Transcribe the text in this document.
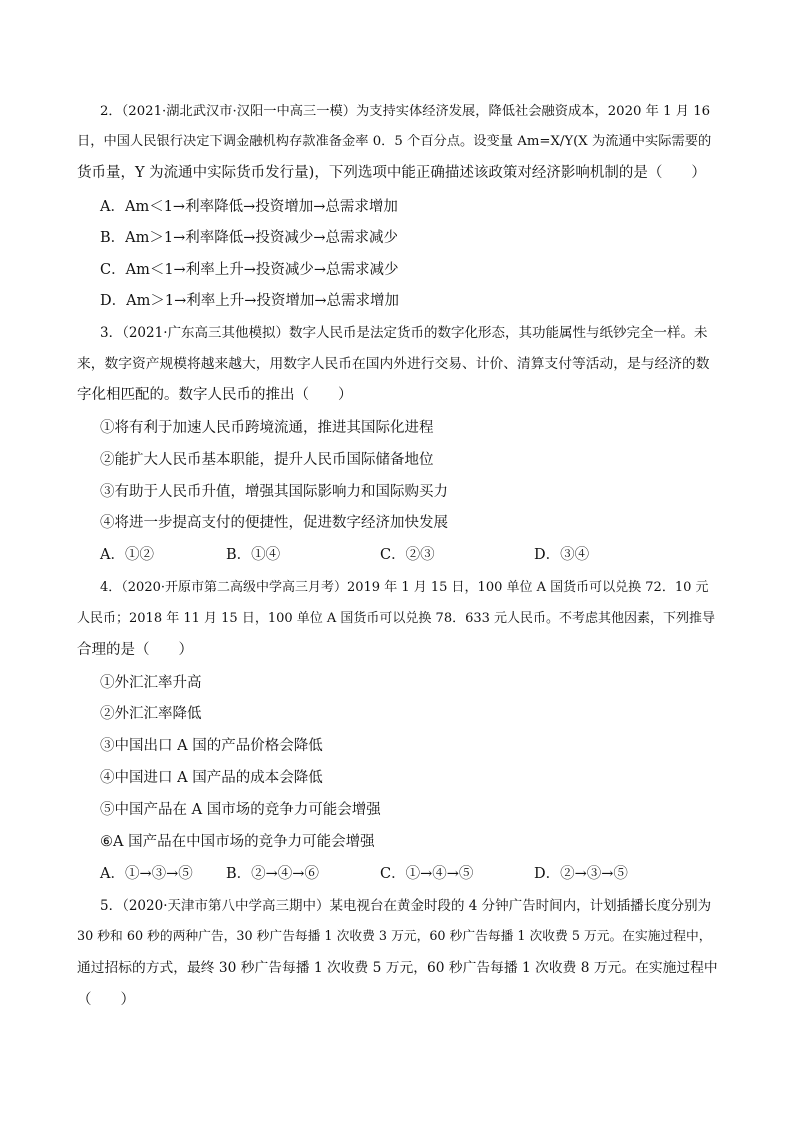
2．（2021·湖北武汉市·汉阳一中高三一模）为支持实体经济发展，降低社会融资成本，2020 年 1 月 16
日，中国人民银行决定下调金融机构存款准备金率 0．5 个百分点。设变量 Am=X/Y(X 为流通中实际需要的
货币量，Y 为流通中实际货币发行量)，下列选项中能正确描述该政策对经济影响机制的是（　　）
A．Am＜1→利率降低→投资增加→总需求增加
B．Am＞1→利率降低→投资减少→总需求减少
C．Am＜1→利率上升→投资减少→总需求减少
D．Am＞1→利率上升→投资增加→总需求增加
3．（2021·广东高三其他模拟）数字人民币是法定货币的数字化形态，其功能属性与纸钞完全一样。未
来，数字资产规模将越来越大，用数字人民币在国内外进行交易、计价、清算支付等活动，是与经济的数
字化相匹配的。数字人民币的推出（　　）
①将有利于加速人民币跨境流通，推进其国际化进程
②能扩大人民币基本职能，提升人民币国际储备地位
③有助于人民币升值，增强其国际影响力和国际购买力
④将进一步提高支付的便捷性，促进数字经济加快发展
A．①②	B．①④	C．②③	D．③④
4．（2020·开原市第二高级中学高三月考）2019 年 1 月 15 日，100 单位 A 国货币可以兑换 72．10 元
人民币；2018 年 11 月 15 日，100 单位 A 国货币可以兑换 78．633 元人民币。不考虑其他因素，下列推导
合理的是（　　）
①外汇汇率升高
②外汇汇率降低
③中国出口 A 国的产品价格会降低
④中国进口 A 国产品的成本会降低
⑤中国产品在 A 国市场的竞争力可能会增强
⑥A 国产品在中国市场的竞争力可能会增强
A．①→③→⑤ B．②→④→⑥	C．①→④→⑤	D．②→③→⑤
5．（2020·天津市第八中学高三期中）某电视台在黄金时段的 4 分钟广告时间内，计划插播长度分别为
30 秒和 60 秒的两种广告，30 秒广告每播 1 次收费 3 万元，60 秒广告每播 1 次收费 5 万元。在实施过程中，
通过招标的方式，最终 30 秒广告每播 1 次收费 5 万元，60 秒广告每播 1 次收费 8 万元。在实施过程中
（　　）
